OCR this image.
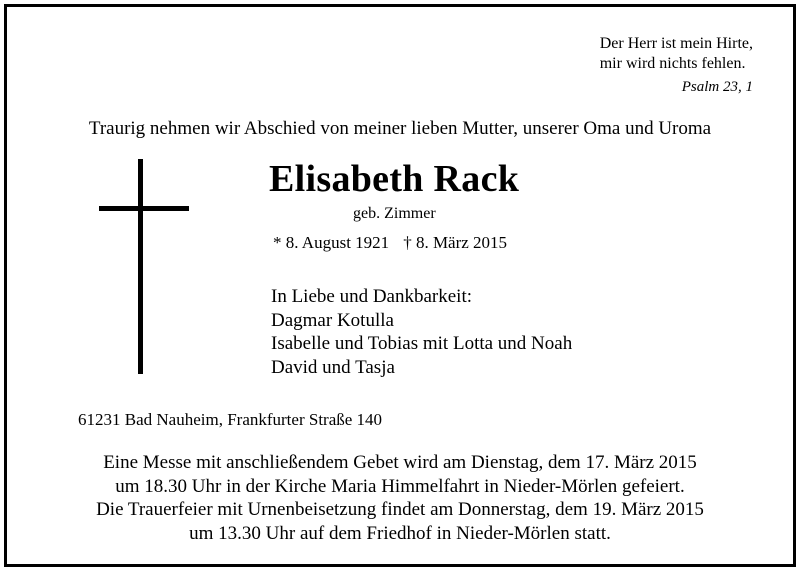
Der Herr ist mein Hirte,
mir wird nichts fehlen.
Psalm 23, 1
Traurig nehmen wir Abschied von meiner lieben Mutter, unserer Oma und Uroma
Elisabeth Rack
geb. Zimmer
* 8. August 1921 † 8. März 2015
In Liebe und Dankbarkeit:
Dagmar Kotulla
Isabelle und Tobias mit Lotta und Noah
David und Tasja
61231 Bad Nauheim, Frankfurter Straße 140
Eine Messe mit anschließendem Gebet wird am Dienstag, dem 17. März 2015
um 18.30 Uhr in der Kirche Maria Himmelfahrt in Nieder-Mörlen gefeiert.
Die Trauerfeier mit Urnenbeisetzung findet am Donnerstag, dem 19. März 2015
um 13.30 Uhr auf dem Friedhof in Nieder-Mörlen statt.
